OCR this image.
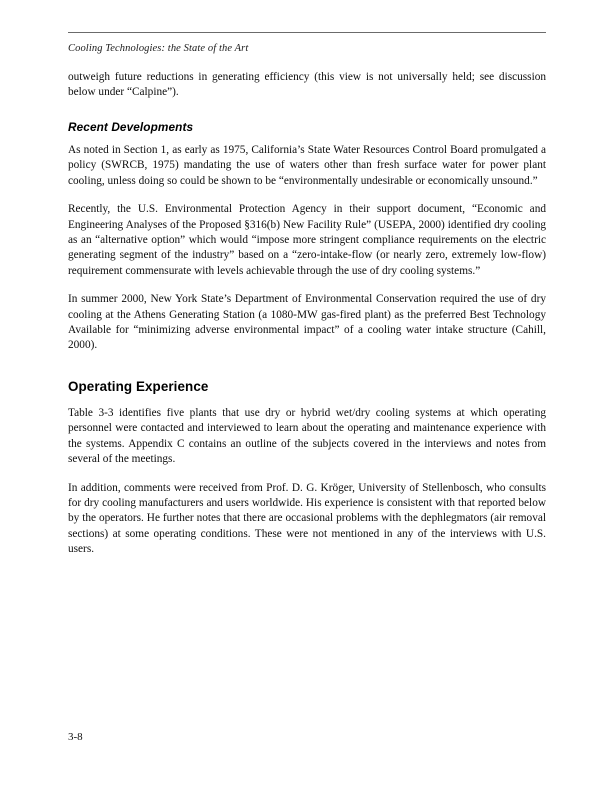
Cooling Technologies: the State of the Art

outweigh future reductions in generating efficiency (this view is not universally held; see discussion below under “Calpine”).

Recent Developments

As noted in Section 1, as early as 1975, California’s State Water Resources Control Board promulgated a policy (SWRCB, 1975) mandating the use of waters other than fresh surface water for power plant cooling, unless doing so could be shown to be “environmentally undesirable or economically unsound.”

Recently, the U.S. Environmental Protection Agency in their support document, “Economic and Engineering Analyses of the Proposed §316(b) New Facility Rule” (USEPA, 2000) identified dry cooling as an “alternative option” which would “impose more stringent compliance requirements on the electric generating segment of the industry” based on a “zero-intake-flow (or nearly zero, extremely low-flow) requirement commensurate with levels achievable through the use of dry cooling systems.”

In summer 2000, New York State’s Department of Environmental Conservation required the use of dry cooling at the Athens Generating Station (a 1080-MW gas-fired plant) as the preferred Best Technology Available for “minimizing adverse environmental impact” of a cooling water intake structure (Cahill, 2000).

Operating Experience

Table 3-3 identifies five plants that use dry or hybrid wet/dry cooling systems at which operating personnel were contacted and interviewed to learn about the operating and maintenance experience with the systems. Appendix C contains an outline of the subjects covered in the interviews and notes from several of the meetings.

In addition, comments were received from Prof. D. G. Kröger, University of Stellenbosch, who consults for dry cooling manufacturers and users worldwide. His experience is consistent with that reported below by the operators. He further notes that there are occasional problems with the dephlegmators (air removal sections) at some operating conditions. These were not mentioned in any of the interviews with U.S. users.

3-8
